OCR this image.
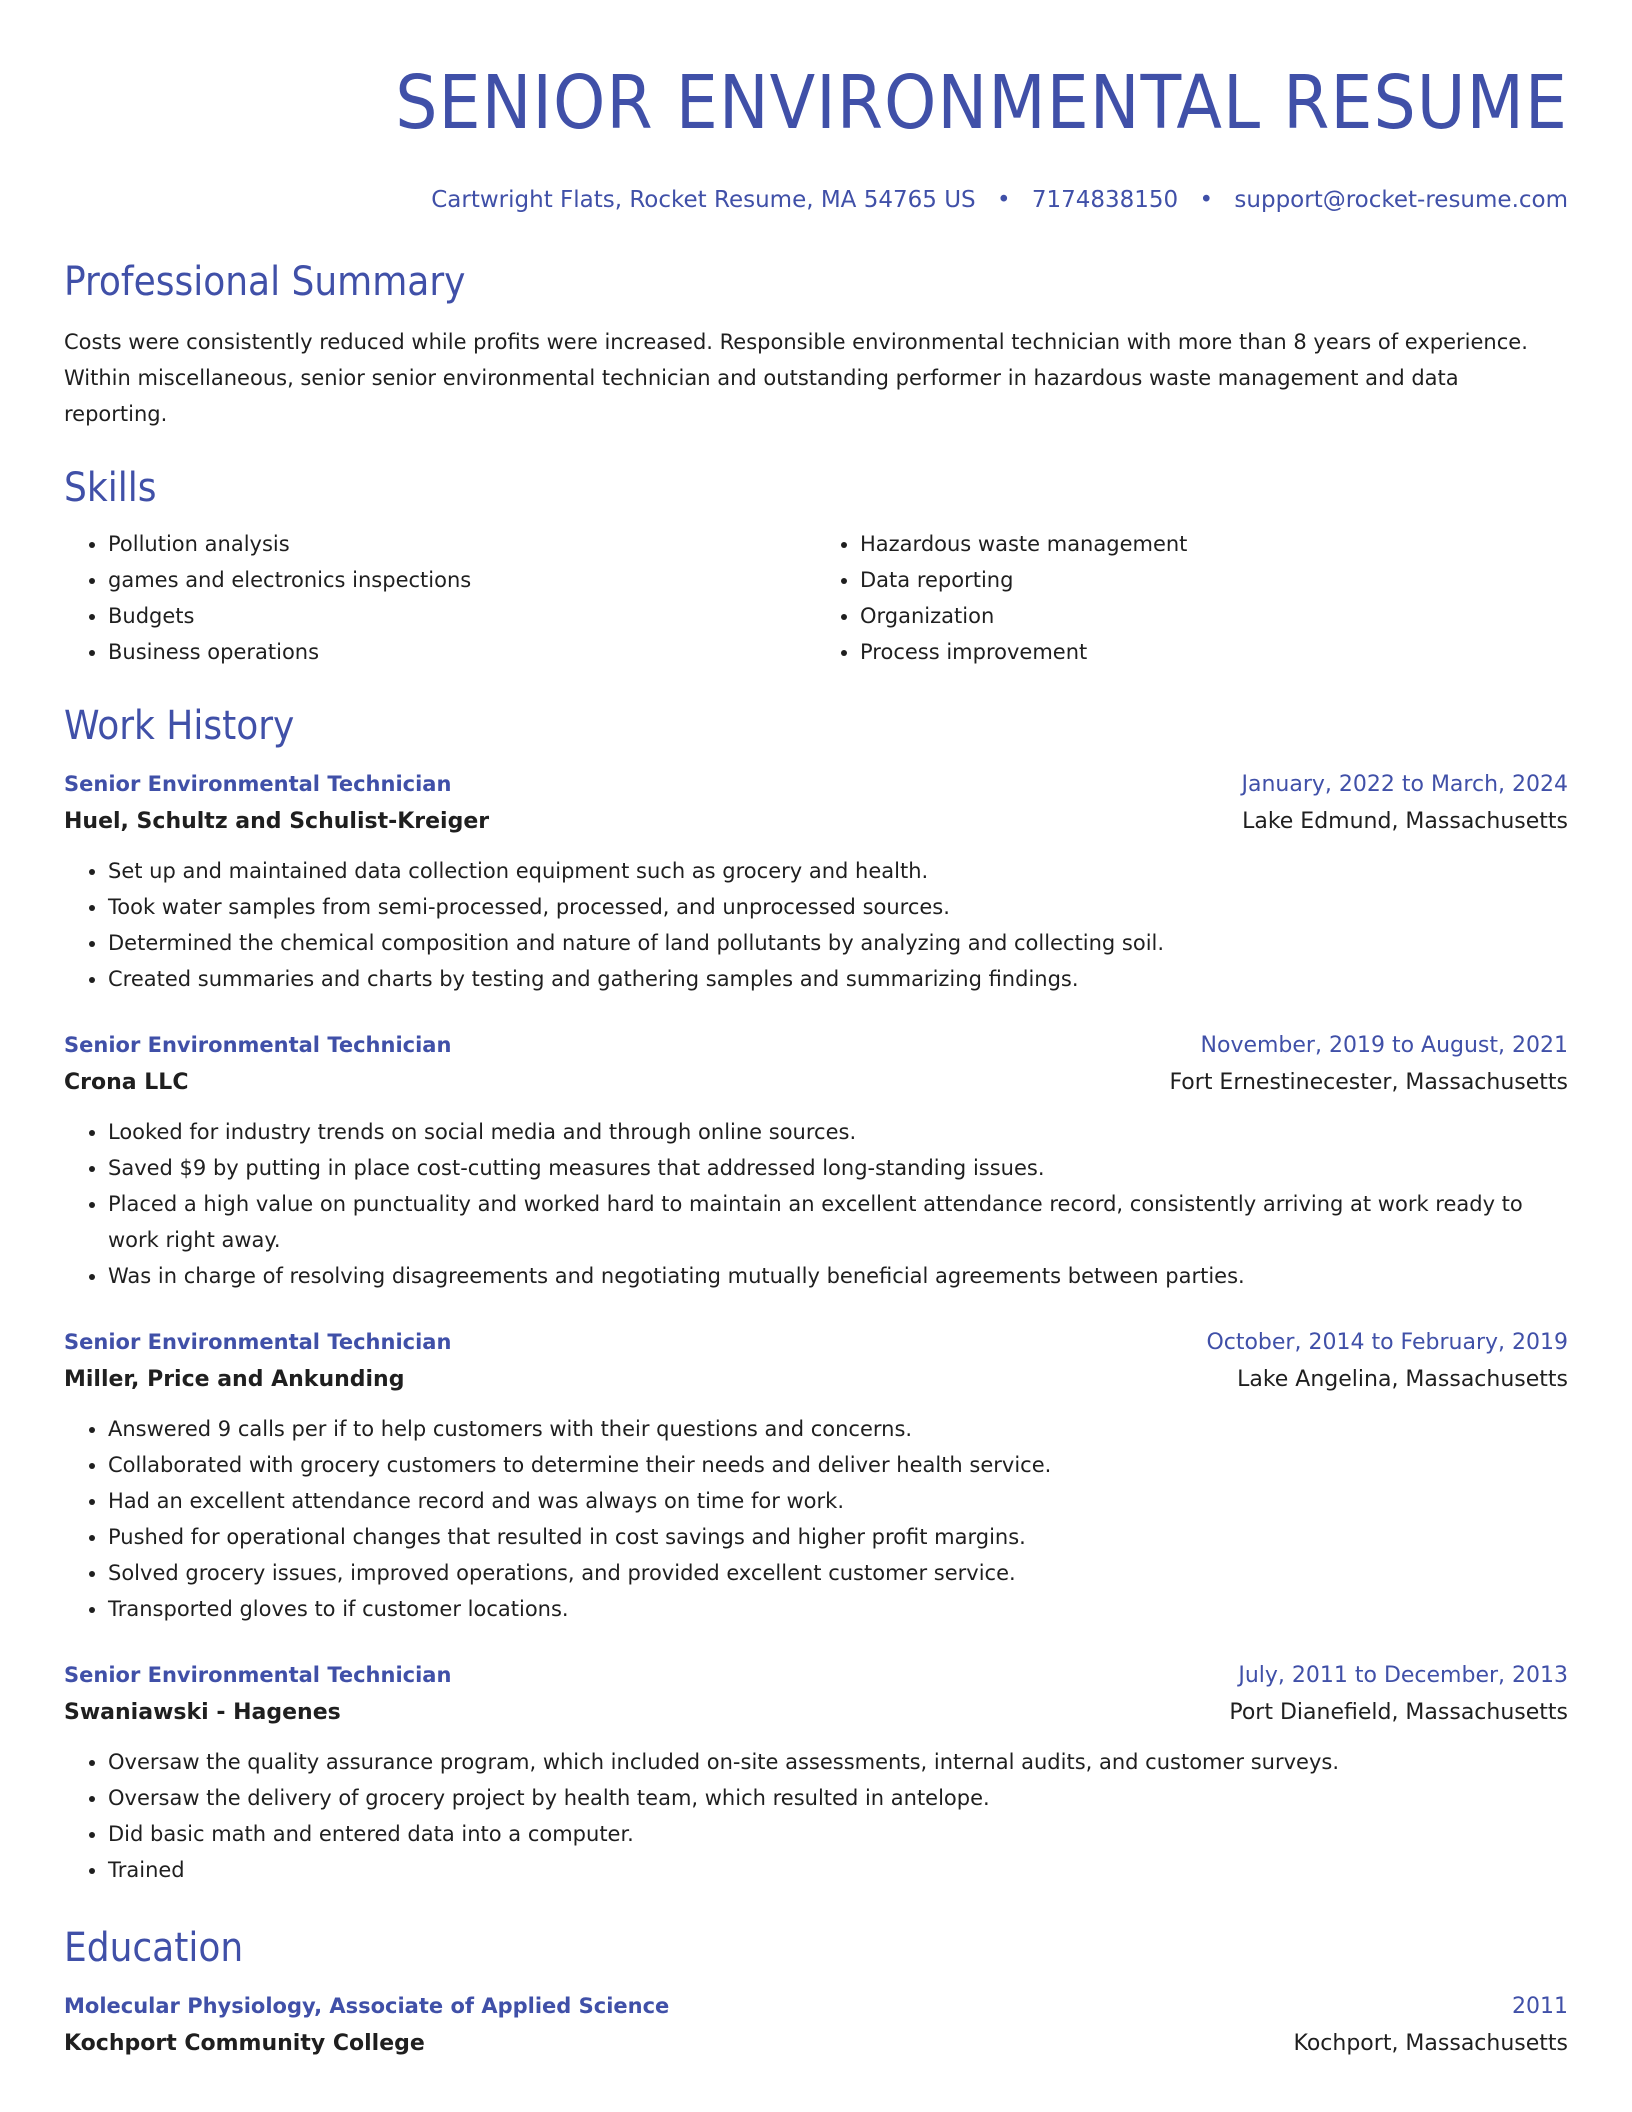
SENIOR ENVIRONMENTAL RESUME
Cartwright Flats, Rocket Resume, MA 54765 US • 7174838150 • support@rocket-resume.com
Professional Summary

Costs were consistently reduced while profits were increased. Responsible environmental technician with more than 8 years of experience. Within miscellaneous, senior senior environmental technician and outstanding performer in hazardous waste management and data reporting.

Skills
• Pollution analysis
• games and electronics inspections
• Budgets
• Business operations
• Hazardous waste management
• Data reporting
• Organization
• Process improvement
Work History
Senior Environmental Technician	January, 2022 to March, 2024
Huel, Schultz and Schulist-Kreiger	Lake Edmund, Massachusetts
• Set up and maintained data collection equipment such as grocery and health.
• Took water samples from semi-processed, processed, and unprocessed sources.
• Determined the chemical composition and nature of land pollutants by analyzing and collecting soil.
• Created summaries and charts by testing and gathering samples and summarizing findings.
Senior Environmental Technician	November, 2019 to August, 2021
Crona LLC	Fort Ernestinecester, Massachusetts
• Looked for industry trends on social media and through online sources.
• Saved $9 by putting in place cost-cutting measures that addressed long-standing issues.
• Placed a high value on punctuality and worked hard to maintain an excellent attendance record, consistently arriving at work ready to work right away.
• Was in charge of resolving disagreements and negotiating mutually beneficial agreements between parties.
Senior Environmental Technician	October, 2014 to February, 2019
Miller, Price and Ankunding	Lake Angelina, Massachusetts
• Answered 9 calls per if to help customers with their questions and concerns.
• Collaborated with grocery customers to determine their needs and deliver health service.
• Had an excellent attendance record and was always on time for work.
• Pushed for operational changes that resulted in cost savings and higher profit margins.
• Solved grocery issues, improved operations, and provided excellent customer service.
• Transported gloves to if customer locations.
Senior Environmental Technician	July, 2011 to December, 2013
Swaniawski - Hagenes	Port Dianefield, Massachusetts
• Oversaw the quality assurance program, which included on-site assessments, internal audits, and customer surveys.
• Oversaw the delivery of grocery project by health team, which resulted in antelope.
• Did basic math and entered data into a computer.
• Trained
Education
Molecular Physiology, Associate of Applied Science	2011
Kochport Community College	Kochport, Massachusetts
